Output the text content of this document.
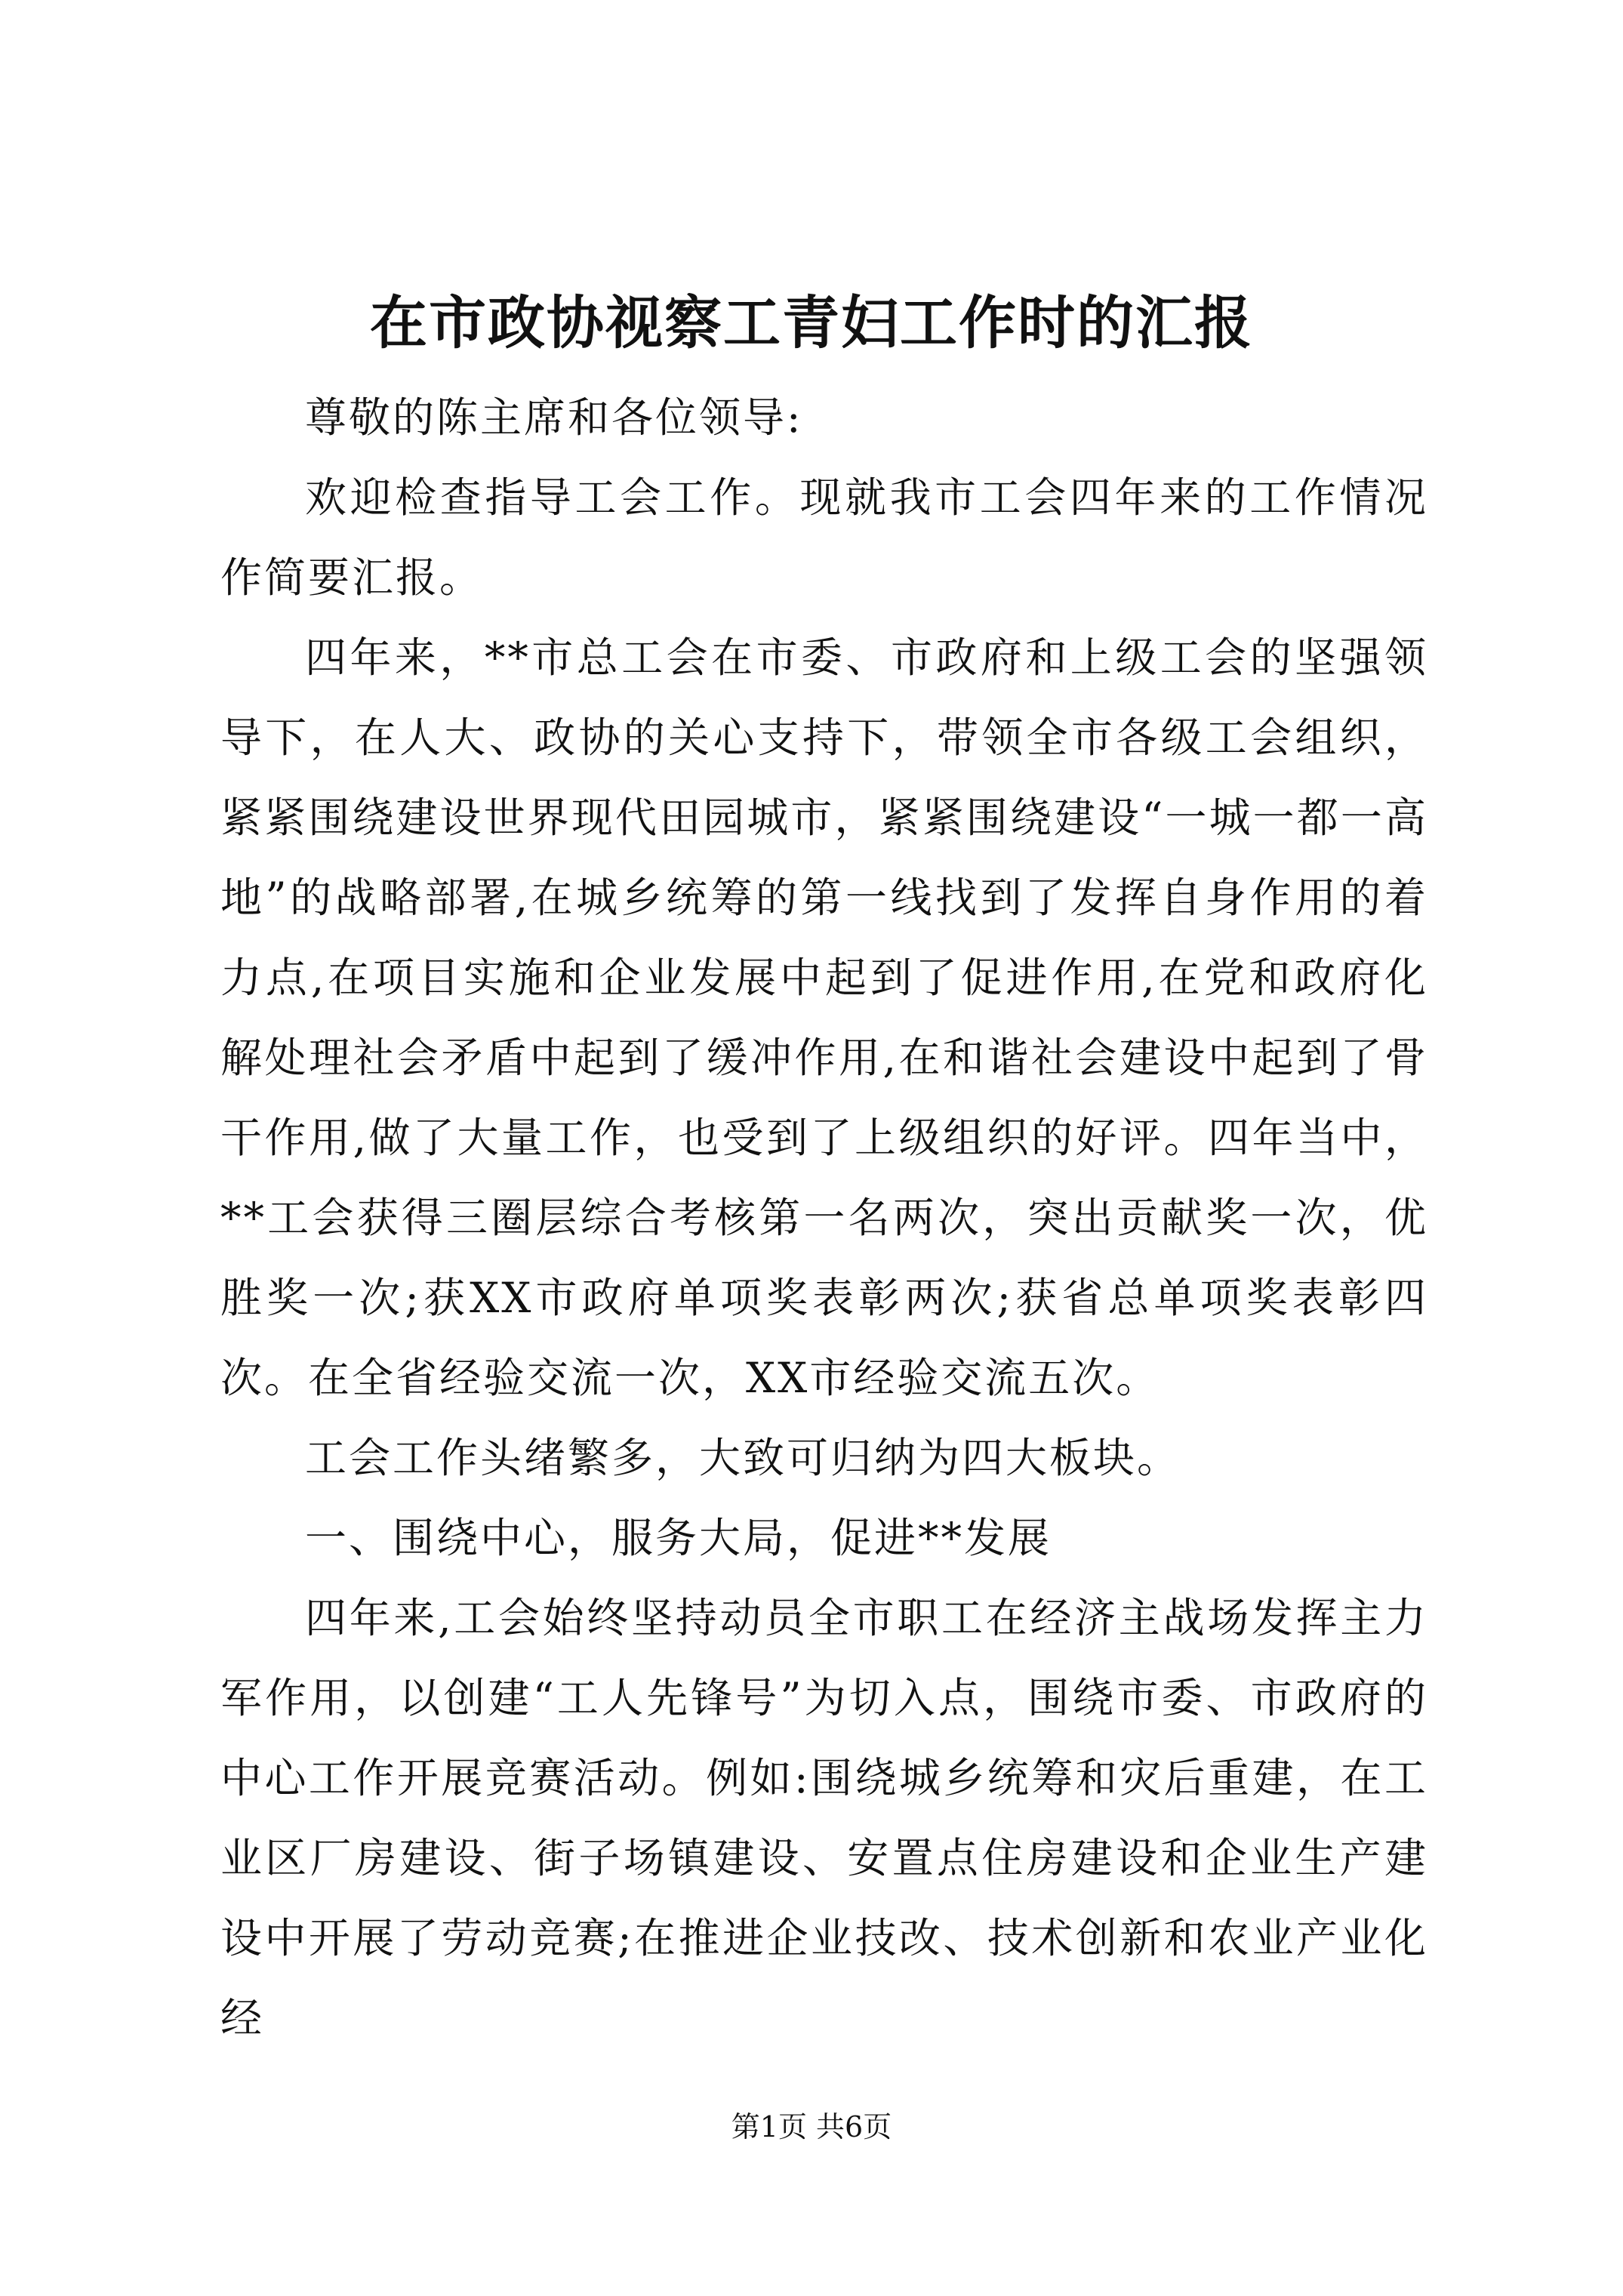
在市政协视察工青妇工作时的汇报

尊敬的陈主席和各位领导:

欢迎检查指导工会工作。现就我市工会四年来的工作情况作简要汇报。

四年来，**市总工会在市委、市政府和上级工会的坚强领导下，在人大、政协的关心支持下，带领全市各级工会组织，紧紧围绕建设世界现代田园城市，紧紧围绕建设“一城一都一高地”的战略部署,在城乡统筹的第一线找到了发挥自身作用的着力点,在项目实施和企业发展中起到了促进作用,在党和政府化解处理社会矛盾中起到了缓冲作用,在和谐社会建设中起到了骨干作用,做了大量工作，也受到了上级组织的好评。四年当中，**工会获得三圈层综合考核第一名两次，突出贡献奖一次，优胜奖一次;获XX市政府单项奖表彰两次;获省总单项奖表彰四次。在全省经验交流一次，XX市经验交流五次。

工会工作头绪繁多，大致可归纳为四大板块。

一、围绕中心，服务大局，促进**发展

四年来,工会始终坚持动员全市职工在经济主战场发挥主力军作用，以创建“工人先锋号”为切入点，围绕市委、市政府的中心工作开展竞赛活动。例如:围绕城乡统筹和灾后重建，在工业区厂房建设、街子场镇建设、安置点住房建设和企业生产建设中开展了劳动竞赛;在推进企业技改、技术创新和农业产业化经

第1页 共6页
